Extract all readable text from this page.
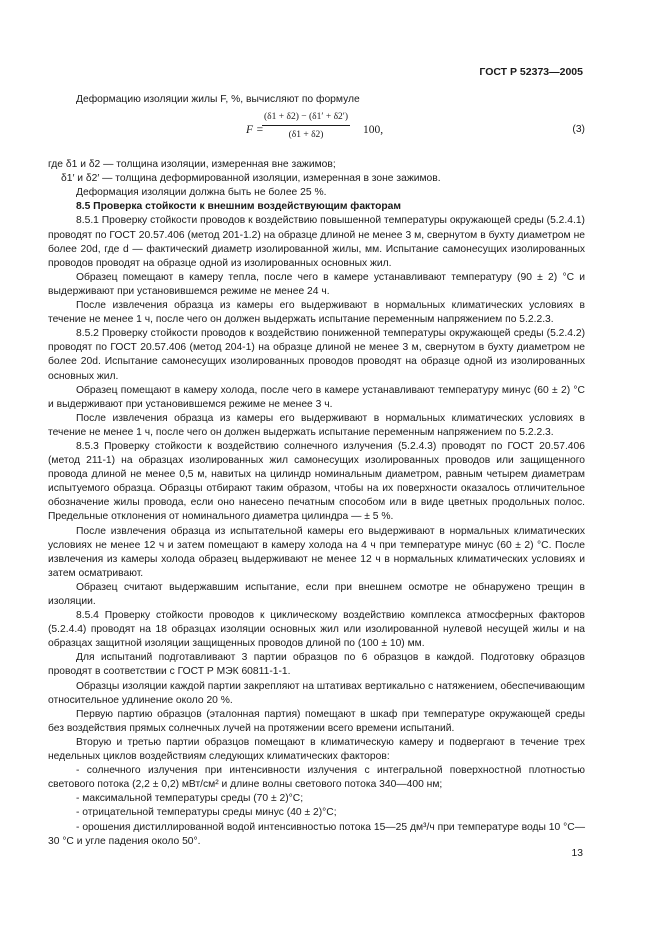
ГОСТ Р 52373—2005

Деформацию изоляции жилы F, %, вычисляют по формуле

F =
$\frac{(\delta 1 + \delta 2) - (\delta 1' + \delta 2')}{(\delta 1 + \delta 2)} 100$,	(3)

где δ1 и δ2 — толщина изоляции, измеренная вне зажимов;

δ1′ и δ2′ — толщина деформированной изоляции, измеренная в зоне зажимов.

Деформация изоляции должна быть не более 25 %.

8.5 Проверка стойкости к внешним воздействующим факторам

8.5.1 Проверку стойкости проводов к воздействию повышенной температуры окружающей среды (5.2.4.1) проводят по ГОСТ 20.57.406 (метод 201-1.2) на образце длиной не менее 3 м, свернутом в бухту диаметром не более 20d, где d — фактический диаметр изолированной жилы, мм. Испытание самонесущих изолированных проводов проводят на образце одной из изолированных основных жил.

Образец помещают в камеру тепла, после чего в камере устанавливают температуру (90 ± 2) °С и выдерживают при установившемся режиме не менее 24 ч.

После извлечения образца из камеры его выдерживают в нормальных климатических условиях в течение не менее 1 ч, после чего он должен выдержать испытание переменным напряжением по 5.2.2.3.

8.5.2 Проверку стойкости проводов к воздействию пониженной температуры окружающей среды (5.2.4.2) проводят по ГОСТ 20.57.406 (метод 204-1) на образце длиной не менее 3 м, свернутом в бухту диаметром не более 20d. Испытание самонесущих изолированных проводов проводят на образце одной из изолированных основных жил.

Образец помещают в камеру холода, после чего в камере устанавливают температуру минус (60 ± 2) °С и выдерживают при установившемся режиме не менее 3 ч.

После извлечения образца из камеры его выдерживают в нормальных климатических условиях в течение не менее 1 ч, после чего он должен выдержать испытание переменным напряжением по 5.2.2.3.

8.5.3 Проверку стойкости к воздействию солнечного излучения (5.2.4.3) проводят по ГОСТ 20.57.406 (метод 211-1) на образцах изолированных жил самонесущих изолированных проводов или защищенного провода длиной не менее 0,5 м, навитых на цилиндр номинальным диаметром, равным четырем диаметрам испытуемого образца. Образцы отбирают таким образом, чтобы на их поверхности оказалось отличительное обозначение жилы провода, если оно нанесено печатным способом или в виде цветных продольных полос. Предельные отклонения от номинального диаметра цилиндра — ± 5 %.

После извлечения образца из испытательной камеры его выдерживают в нормальных климатических условиях не менее 12 ч и затем помещают в камеру холода на 4 ч при температуре минус (60 ± 2) °С. После извлечения из камеры холода образец выдерживают не менее 12 ч в нормальных климатических условиях и затем осматривают.

Образец считают выдержавшим испытание, если при внешнем осмотре не обнаружено трещин в изоляции.

8.5.4 Проверку стойкости проводов к циклическому воздействию комплекса атмосферных факторов (5.2.4.4) проводят на 18 образцах изоляции основных жил или изолированной нулевой несущей жилы и на образцах защитной изоляции защищенных проводов длиной по (100 ± 10) мм.

Для испытаний подготавливают 3 партии образцов по 6 образцов в каждой. Подготовку образцов проводят в соответствии с ГОСТ Р МЭК 60811-1-1.

Образцы изоляции каждой партии закрепляют на штативах вертикально с натяжением, обеспечивающим относительное удлинение около 20 %.

Первую партию образцов (эталонная партия) помещают в шкаф при температуре окружающей среды без воздействия прямых солнечных лучей на протяжении всего времени испытаний.

Вторую и третью партии образцов помещают в климатическую камеру и подвергают в течение трех недельных циклов воздействиям следующих климатических факторов:

- солнечного излучения при интенсивности излучения с интегральной поверхностной плотностью светового потока (2,2 ± 0,2) мВт/см² и длине волны светового потока 340—400 нм;

- максимальной температуры среды (70 ± 2)°С;

- отрицательной температуры среды минус (40 ± 2)°С;

- орошения дистиллированной водой интенсивностью потока 15—25 дм³/ч при температуре воды 10 °С—30 °С и угле падения около 50°.

13
